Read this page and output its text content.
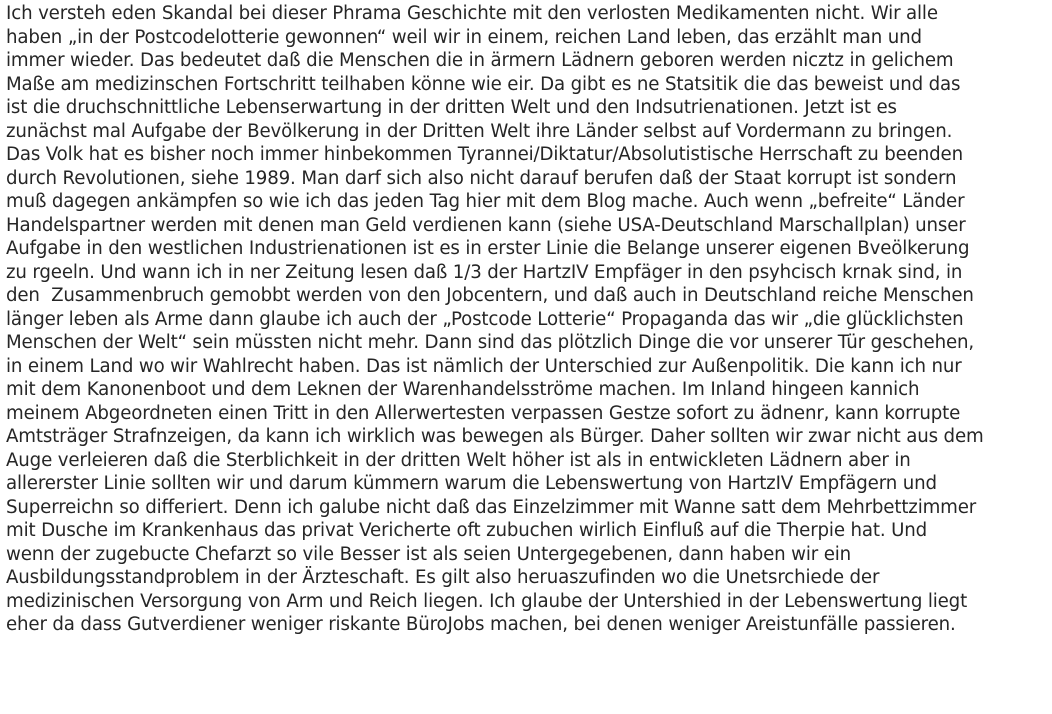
Ich versteh eden Skandal bei dieser Phrama Geschichte mit den verlosten Medikamenten nicht. Wir alle
haben „in der Postcodelotterie gewonnen“ weil wir in einem, reichen Land leben, das erzählt man und
immer wieder. Das bedeutet daß die Menschen die in ärmern Lädnern geboren werden nicztz in gelichem
Maße am medizinschen Fortschritt teilhaben könne wie eir. Da gibt es ne Statsitik die das beweist und das
ist die druchschnittliche Lebenserwartung in der dritten Welt und den Indsutrienationen. Jetzt ist es
zunächst mal Aufgabe der Bevölkerung in der Dritten Welt ihre Länder selbst auf Vordermann zu bringen.
Das Volk hat es bisher noch immer hinbekommen Tyrannei/Diktatur/Absolutistische Herrschaft zu beenden
durch Revolutionen, siehe 1989. Man darf sich also nicht darauf berufen daß der Staat korrupt ist sondern
muß dagegen ankämpfen so wie ich das jeden Tag hier mit dem Blog mache. Auch wenn „befreite“ Länder
Handelspartner werden mit denen man Geld verdienen kann (siehe USA-Deutschland Marschallplan) unser
Aufgabe in den westlichen Industrienationen ist es in erster Linie die Belange unserer eigenen Bveölkerung
zu rgeeln. Und wann ich in ner Zeitung lesen daß 1/3 der HartzIV Empfäger in den psyhcisch krnak sind, in
den  Zusammenbruch gemobbt werden von den Jobcentern, und daß auch in Deutschland reiche Menschen
länger leben als Arme dann glaube ich auch der „Postcode Lotterie“ Propaganda das wir „die glücklichsten
Menschen der Welt“ sein müssten nicht mehr. Dann sind das plötzlich Dinge die vor unserer Tür geschehen,
in einem Land wo wir Wahlrecht haben. Das ist nämlich der Unterschied zur Außenpolitik. Die kann ich nur
mit dem Kanonenboot und dem Leknen der Warenhandelsströme machen. Im Inland hingeen kannich
meinem Abgeordneten einen Tritt in den Allerwertesten verpassen Gestze sofort zu ädnenr, kann korrupte
Amtsträger Strafnzeigen, da kann ich wirklich was bewegen als Bürger. Daher sollten wir zwar nicht aus dem
Auge verleieren daß die Sterblichkeit in der dritten Welt höher ist als in entwickleten Lädnern aber in
allererster Linie sollten wir und darum kümmern warum die Lebenswertung von HartzIV Empfägern und
Superreichn so differiert. Denn ich galube nicht daß das Einzelzimmer mit Wanne satt dem Mehrbettzimmer
mit Dusche im Krankenhaus das privat Vericherte oft zubuchen wirlich Einfluß auf die Therpie hat. Und
wenn der zugebucte Chefarzt so vile Besser ist als seien Untergegebenen, dann haben wir ein
Ausbildungsstandproblem in der Ärzteschaft. Es gilt also heruaszufinden wo die Unetsrchiede der
medizinischen Versorgung von Arm und Reich liegen. Ich glaube der Untershied in der Lebenswertung liegt
eher da dass Gutverdiener weniger riskante BüroJobs machen, bei denen weniger Areistunfälle passieren.
